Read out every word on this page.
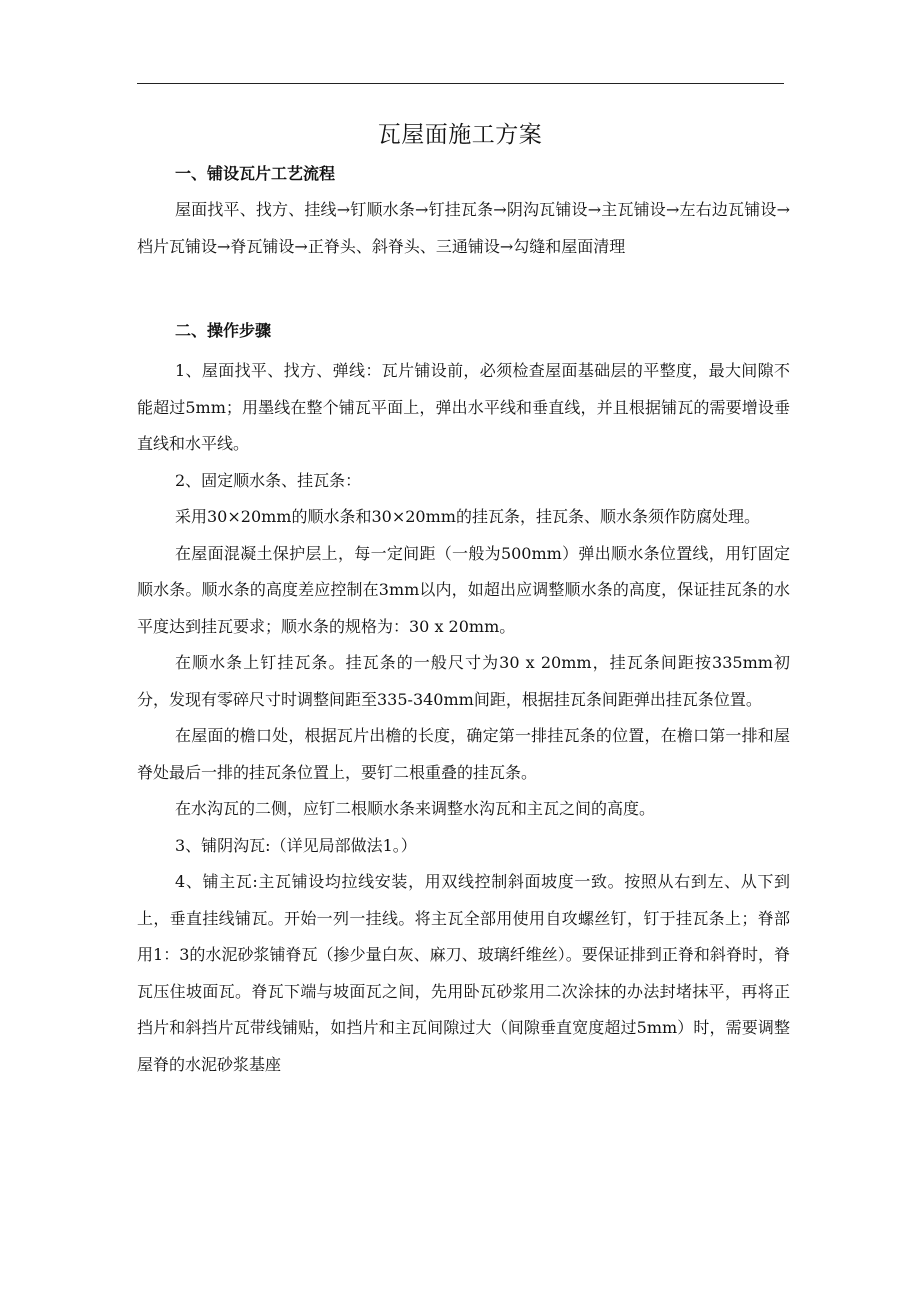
瓦屋面施工方案
一、铺设瓦片工艺流程

屋面找平、找方、挂线→钉顺水条→钉挂瓦条→阴沟瓦铺设→主瓦铺设→左右边瓦铺设→档片瓦铺设→脊瓦铺设→正脊头、斜脊头、三通铺设→勾缝和屋面清理

二、操作步骤

1、屋面找平、找方、弹线：瓦片铺设前，必须检查屋面基础层的平整度，最大间隙不能超过5mm；用墨线在整个铺瓦平面上，弹出水平线和垂直线，并且根据铺瓦的需要增设垂直线和水平线。

2、固定顺水条、挂瓦条：

采用30×20mm的顺水条和30×20mm的挂瓦条，挂瓦条、顺水条须作防腐处理。

在屋面混凝土保护层上，每一定间距（一般为500mm）弹出顺水条位置线，用钉固定顺水条。顺水条的高度差应控制在3mm以内，如超出应调整顺水条的高度，保证挂瓦条的水平度达到挂瓦要求；顺水条的规格为：30 x 20mm。

在顺水条上钉挂瓦条。挂瓦条的一般尺寸为30 x 20mm，挂瓦条间距按335mm初分，发现有零碎尺寸时调整间距至335-340mm间距，根据挂瓦条间距弹出挂瓦条位置。

在屋面的檐口处，根据瓦片出檐的长度，确定第一排挂瓦条的位置，在檐口第一排和屋脊处最后一排的挂瓦条位置上，要钉二根重叠的挂瓦条。

在水沟瓦的二侧，应钉二根顺水条来调整水沟瓦和主瓦之间的高度。

3、铺阴沟瓦:（详见局部做法1。）

4、铺主瓦:主瓦铺设均拉线安装，用双线控制斜面坡度一致。按照从右到左、从下到上，垂直挂线铺瓦。开始一列一挂线。将主瓦全部用使用自攻螺丝钉，钉于挂瓦条上；脊部用1：3的水泥砂浆铺脊瓦（掺少量白灰、麻刀、玻璃纤维丝）。要保证排到正脊和斜脊时，脊瓦压住坡面瓦。脊瓦下端与坡面瓦之间，先用卧瓦砂浆用二次涂抹的办法封堵抹平，再将正挡片和斜挡片瓦带线铺贴，如挡片和主瓦间隙过大（间隙垂直宽度超过5mm）时，需要调整屋脊的水泥砂浆基座
